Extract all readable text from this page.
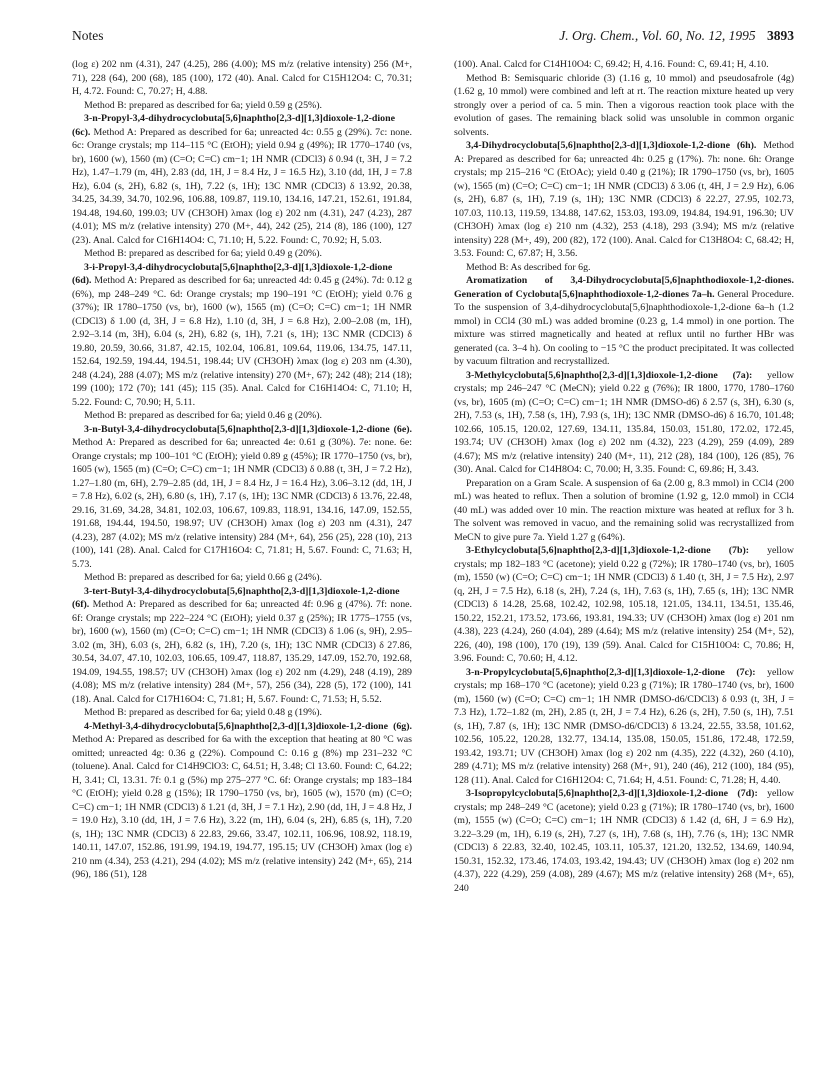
Notes	J. Org. Chem., Vol. 60, No. 12, 1995 3893

(log ε) 202 nm (4.31), 247 (4.25), 286 (4.00); MS m/z (relative intensity) 256 (M+, 71), 228 (64), 200 (68), 185 (100), 172 (40). Anal. Calcd for C15H12O4: C, 70.31; H, 4.72. Found: C, 70.27; H, 4.88.

Method B: prepared as described for 6a; yield 0.59 g (25%).

3-n-Propyl-3,4-dihydrocyclobuta[5,6]naphtho[2,3-d][1,3]dioxole-1,2-dione (6c). Method A: Prepared as described for 6a; unreacted 4c: 0.55 g (29%). 7c: none. 6c: Orange crystals; mp 114–115 °C (EtOH); yield 0.94 g (49%); IR 1770–1740 (vs, br), 1600 (w), 1560 (m) (C=O; C=C) cm−1; 1H NMR (CDCl3) δ 0.94 (t, 3H, J = 7.2 Hz), 1.47–1.79 (m, 4H), 2.83 (dd, 1H, J = 8.4 Hz, J = 16.5 Hz), 3.10 (dd, 1H, J = 7.8 Hz), 6.04 (s, 2H), 6.82 (s, 1H), 7.22 (s, 1H); 13C NMR (CDCl3) δ 13.92, 20.38, 34.25, 34.39, 34.70, 102.96, 106.88, 109.87, 119.10, 134.16, 147.21, 152.61, 191.84, 194.48, 194.60, 199.03; UV (CH3OH) λmax (log ε) 202 nm (4.31), 247 (4.23), 287 (4.01); MS m/z (relative intensity) 270 (M+, 44), 242 (25), 214 (8), 186 (100), 127 (23). Anal. Calcd for C16H14O4: C, 71.10; H, 5.22. Found: C, 70.92; H, 5.03.

Method B: prepared as described for 6a; yield 0.49 g (20%).

3-i-Propyl-3,4-dihydrocyclobuta[5,6]naphtho[2,3-d][1,3]dioxole-1,2-dione (6d). Method A: Prepared as described for 6a; unreacted 4d: 0.45 g (24%). 7d: 0.12 g (6%), mp 248–249 °C. 6d: Orange crystals; mp 190–191 °C (EtOH); yield 0.76 g (37%); IR 1780–1750 (vs, br), 1600 (w), 1565 (m) (C=O; C=C) cm−1; 1H NMR (CDCl3) δ 1.00 (d, 3H, J = 6.8 Hz), 1.10 (d, 3H, J = 6.8 Hz), 2.00–2.08 (m, 1H), 2.92–3.14 (m, 3H), 6.04 (s, 2H), 6.82 (s, 1H), 7.21 (s, 1H); 13C NMR (CDCl3) δ 19.80, 20.59, 30.66, 31.87, 42.15, 102.04, 106.81, 109.64, 119.06, 134.75, 147.11, 152.64, 192.59, 194.44, 194.51, 198.44; UV (CH3OH) λmax (log ε) 203 nm (4.30), 248 (4.24), 288 (4.07); MS m/z (relative intensity) 270 (M+, 67); 242 (48); 214 (18); 199 (100); 172 (70); 141 (45); 115 (35). Anal. Calcd for C16H14O4: C, 71.10; H, 5.22. Found: C, 70.90; H, 5.11.

Method B: prepared as described for 6a; yield 0.46 g (20%).

3-n-Butyl-3,4-dihydrocyclobuta[5,6]naphtho[2,3-d][1,3]dioxole-1,2-dione (6e). Method A: Prepared as described for 6a; unreacted 4e: 0.61 g (30%). 7e: none. 6e: Orange crystals; mp 100–101 °C (EtOH); yield 0.89 g (45%); IR 1770–1750 (vs, br), 1605 (w), 1565 (m) (C=O; C=C) cm−1; 1H NMR (CDCl3) δ 0.88 (t, 3H, J = 7.2 Hz), 1.27–1.80 (m, 6H), 2.79–2.85 (dd, 1H, J = 8.4 Hz, J = 16.4 Hz), 3.06–3.12 (dd, 1H, J = 7.8 Hz), 6.02 (s, 2H), 6.80 (s, 1H), 7.17 (s, 1H); 13C NMR (CDCl3) δ 13.76, 22.48, 29.16, 31.69, 34.28, 34.81, 102.03, 106.67, 109.83, 118.91, 134.16, 147.09, 152.55, 191.68, 194.44, 194.50, 198.97; UV (CH3OH) λmax (log ε) 203 nm (4.31), 247 (4.23), 287 (4.02); MS m/z (relative intensity) 284 (M+, 64), 256 (25), 228 (10), 213 (100), 141 (28). Anal. Calcd for C17H16O4: C, 71.81; H, 5.67. Found: C, 71.63; H, 5.73.

Method B: prepared as described for 6a; yield 0.66 g (24%).

3-tert-Butyl-3,4-dihydrocyclobuta[5,6]naphtho[2,3-d][1,3]dioxole-1,2-dione (6f). Method A: Prepared as described for 6a; unreacted 4f: 0.96 g (47%). 7f: none. 6f: Orange crystals; mp 222–224 °C (EtOH); yield 0.37 g (25%); IR 1775–1755 (vs, br), 1600 (w), 1560 (m) (C=O; C=C) cm−1; 1H NMR (CDCl3) δ 1.06 (s, 9H), 2.95–3.02 (m, 3H), 6.03 (s, 2H), 6.82 (s, 1H), 7.20 (s, 1H); 13C NMR (CDCl3) δ 27.86, 30.54, 34.07, 47.10, 102.03, 106.65, 109.47, 118.87, 135.29, 147.09, 152.70, 192.68, 194.09, 194.55, 198.57; UV (CH3OH) λmax (log ε) 202 nm (4.29), 248 (4.19), 289 (4.08); MS m/z (relative intensity) 284 (M+, 57), 256 (34), 228 (5), 172 (100), 141 (18). Anal. Calcd for C17H16O4: C, 71.81; H, 5.67. Found: C, 71.53; H, 5.52.

Method B: prepared as described for 6a; yield 0.48 g (19%).

4-Methyl-3,4-dihydrocyclobuta[5,6]naphtho[2,3-d][1,3]dioxole-1,2-dione (6g). Method A: Prepared as described for 6a with the exception that heating at 80 °C was omitted; unreacted 4g: 0.36 g (22%). Compound C: 0.16 g (8%) mp 231–232 °C (toluene). Anal. Calcd for C14H9ClO3: C, 64.51; H, 3.48; Cl 13.60. Found: C, 64.22; H, 3.41; Cl, 13.31. 7f: 0.1 g (5%) mp 275–277 °C. 6f: Orange crystals; mp 183–184 °C (EtOH); yield 0.28 g (15%); IR 1790–1750 (vs, br), 1605 (w), 1570 (m) (C=O; C=C) cm−1; 1H NMR (CDCl3) δ 1.21 (d, 3H, J = 7.1 Hz), 2.90 (dd, 1H, J = 4.8 Hz, J = 19.0 Hz), 3.10 (dd, 1H, J = 7.6 Hz), 3.22 (m, 1H), 6.04 (s, 2H), 6.85 (s, 1H), 7.20 (s, 1H); 13C NMR (CDCl3) δ 22.83, 29.66, 33.47, 102.11, 106.96, 108.92, 118.19, 140.11, 147.07, 152.86, 191.99, 194.19, 194.77, 195.15; UV (CH3OH) λmax (log ε) 210 nm (4.34), 253 (4.21), 294 (4.02); MS m/z (relative intensity) 242 (M+, 65), 214 (96), 186 (51), 128

(100). Anal. Calcd for C14H10O4: C, 69.42; H, 4.16. Found: C, 69.41; H, 4.10.

Method B: Semisquaric chloride (3) (1.16 g, 10 mmol) and pseudosafrole (4g) (1.62 g, 10 mmol) were combined and left at rt. The reaction mixture heated up very strongly over a period of ca. 5 min. Then a vigorous reaction took place with the evolution of gases. The remaining black solid was unsoluble in common organic solvents.

3,4-Dihydrocyclobuta[5,6]naphtho[2,3-d][1,3]dioxole-1,2-dione (6h). Method A: Prepared as described for 6a; unreacted 4h: 0.25 g (17%). 7h: none. 6h: Orange crystals; mp 215–216 °C (EtOAc); yield 0.40 g (21%); IR 1790–1750 (vs, br), 1605 (w), 1565 (m) (C=O; C=C) cm−1; 1H NMR (CDCl3) δ 3.06 (t, 4H, J = 2.9 Hz), 6.06 (s, 2H), 6.87 (s, 1H), 7.19 (s, 1H); 13C NMR (CDCl3) δ 22.27, 27.95, 102.73, 107.03, 110.13, 119.59, 134.88, 147.62, 153.03, 193.09, 194.84, 194.91, 196.30; UV (CH3OH) λmax (log ε) 210 nm (4.32), 253 (4.18), 293 (3.94); MS m/z (relative intensity) 228 (M+, 49), 200 (82), 172 (100). Anal. Calcd for C13H8O4: C, 68.42; H, 3.53. Found: C, 67.87; H, 3.56.

Method B: As described for 6g.

Aromatization of 3,4-Dihydrocyclobuta[5,6]naphthodioxole-1,2-diones. Generation of Cyclobuta[5,6]naphthodioxole-1,2-diones 7a–h. General Procedure. To the suspension of 3,4-dihydrocyclobuta[5,6]naphthodioxole-1,2-dione 6a–h (1.2 mmol) in CCl4 (30 mL) was added bromine (0.23 g, 1.4 mmol) in one portion. The mixture was stirred magnetically and heated at reflux until no further HBr was generated (ca. 3–4 h). On cooling to −15 °C the product precipitated. It was collected by vacuum filtration and recrystallized.

3-Methylcyclobuta[5,6]naphtho[2,3-d][1,3]dioxole-1,2-dione (7a): yellow crystals; mp 246–247 °C (MeCN); yield 0.22 g (76%); IR 1800, 1770, 1780–1760 (vs, br), 1605 (m) (C=O; C=C) cm−1; 1H NMR (DMSO-d6) δ 2.57 (s, 3H), 6.30 (s, 2H), 7.53 (s, 1H), 7.58 (s, 1H), 7.93 (s, 1H); 13C NMR (DMSO-d6) δ 16.70, 101.48; 102.66, 105.15, 120.02, 127.69, 134.11, 135.84, 150.03, 151.80, 172.02, 172.45, 193.74; UV (CH3OH) λmax (log ε) 202 nm (4.32), 223 (4.29), 259 (4.09), 289 (4.67); MS m/z (relative intensity) 240 (M+, 11), 212 (28), 184 (100), 126 (85), 76 (30). Anal. Calcd for C14H8O4: C, 70.00; H, 3.35. Found: C, 69.86; H, 3.43.

Preparation on a Gram Scale. A suspension of 6a (2.00 g, 8.3 mmol) in CCl4 (200 mL) was heated to reflux. Then a solution of bromine (1.92 g, 12.0 mmol) in CCl4 (40 mL) was added over 10 min. The reaction mixture was heated at reflux for 3 h. The solvent was removed in vacuo, and the remaining solid was recrystallized from MeCN to give pure 7a. Yield 1.27 g (64%).

3-Ethylcyclobuta[5,6]naphtho[2,3-d][1,3]dioxole-1,2-dione (7b): yellow crystals; mp 182–183 °C (acetone); yield 0.22 g (72%); IR 1780–1740 (vs, br), 1605 (m), 1550 (w) (C=O; C=C) cm−1; 1H NMR (CDCl3) δ 1.40 (t, 3H, J = 7.5 Hz), 2.97 (q, 2H, J = 7.5 Hz), 6.18 (s, 2H), 7.24 (s, 1H), 7.63 (s, 1H), 7.65 (s, 1H); 13C NMR (CDCl3) δ 14.28, 25.68, 102.42, 102.98, 105.18, 121.05, 134.11, 134.51, 135.46, 150.22, 152.21, 173.52, 173.66, 193.81, 194.33; UV (CH3OH) λmax (log ε) 201 nm (4.38), 223 (4.24), 260 (4.04), 289 (4.64); MS m/z (relative intensity) 254 (M+, 52), 226, (40), 198 (100), 170 (19), 139 (59). Anal. Calcd for C15H10O4: C, 70.86; H, 3.96. Found: C, 70.60; H, 4.12.

3-n-Propylcyclobuta[5,6]naphtho[2,3-d][1,3]dioxole-1,2-dione (7c): yellow crystals; mp 168–170 °C (acetone); yield 0.23 g (71%); IR 1780–1740 (vs, br), 1600 (m), 1560 (w) (C=O; C=C) cm−1; 1H NMR (DMSO-d6/CDCl3) δ 0.93 (t, 3H, J = 7.3 Hz), 1.72–1.82 (m, 2H), 2.85 (t, 2H, J = 7.4 Hz), 6.26 (s, 2H), 7.50 (s, 1H), 7.51 (s, 1H), 7.87 (s, 1H); 13C NMR (DMSO-d6/CDCl3) δ 13.24, 22.55, 33.58, 101.62, 102.56, 105.22, 120.28, 132.77, 134.14, 135.08, 150.05, 151.86, 172.48, 172.59, 193.42, 193.71; UV (CH3OH) λmax (log ε) 202 nm (4.35), 222 (4.32), 260 (4.10), 289 (4.71); MS m/z (relative intensity) 268 (M+, 91), 240 (46), 212 (100), 184 (95), 128 (11). Anal. Calcd for C16H12O4: C, 71.64; H, 4.51. Found: C, 71.28; H, 4.40.

3-Isopropylcyclobuta[5,6]naphtho[2,3-d][1,3]dioxole-1,2-dione (7d): yellow crystals; mp 248–249 °C (acetone); yield 0.23 g (71%); IR 1780–1740 (vs, br), 1600 (m), 1555 (w) (C=O; C=C) cm−1; 1H NMR (CDCl3) δ 1.42 (d, 6H, J = 6.9 Hz), 3.22–3.29 (m, 1H), 6.19 (s, 2H), 7.27 (s, 1H), 7.68 (s, 1H), 7.76 (s, 1H); 13C NMR (CDCl3) δ 22.83, 32.40, 102.45, 103.11, 105.37, 121.20, 132.52, 134.69, 140.94, 150.31, 152.32, 173.46, 174.03, 193.42, 194.43; UV (CH3OH) λmax (log ε) 202 nm (4.37), 222 (4.29), 259 (4.08), 289 (4.67); MS m/z (relative intensity) 268 (M+, 65), 240
